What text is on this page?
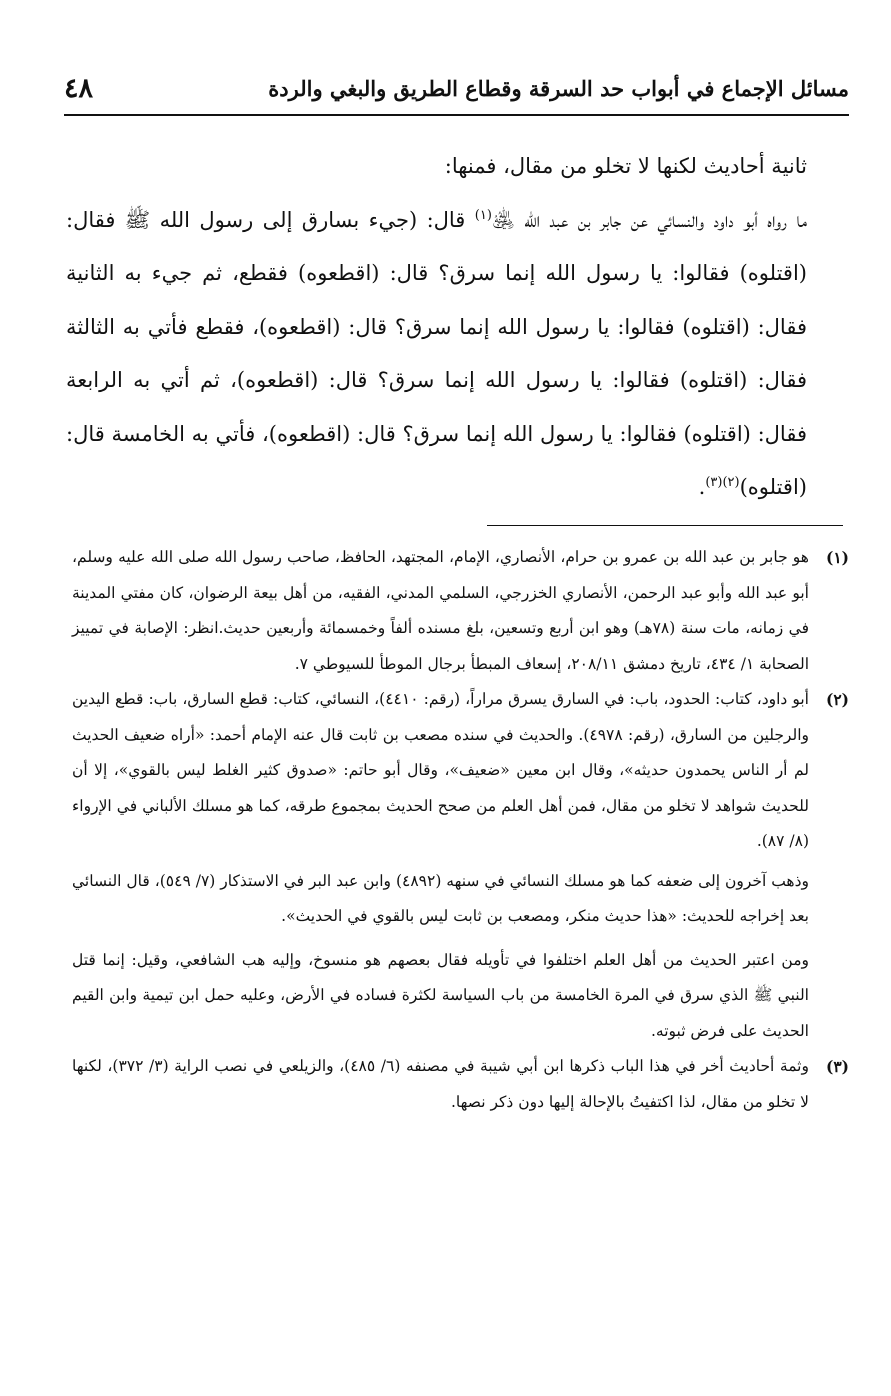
مسائل الإجماع في أبواب حد السرقة وقطاع الطريق والبغي والردة
٤٨

ثانية أحاديث لكنها لا تخلو من مقال، فمنها:

ما رواه أبو داود والنسائي عن جابر بن عبد الله ﵁$^{(١)}$ قال: (جيء بسارق إلى رسول الله ﷺ فقال: (اقتلوه) فقالوا: يا رسول الله إنما سرق؟ قال: (اقطعوه) فقطع، ثم جيء به الثانية فقال: (اقتلوه) فقالوا: يا رسول الله إنما سرق؟ قال: (اقطعوه)، فقطع فأتي به الثالثة فقال: (اقتلوه) فقالوا: يا رسول الله إنما سرق؟ قال: (اقطعوه)، ثم أتي به الرابعة فقال: (اقتلوه) فقالوا: يا رسول الله إنما سرق؟ قال: (اقطعوه)، فأتي به الخامسة قال: (اقتلوه)$^{(٢)(٣)}$.

(١)
هو جابر بن عبد الله بن عمرو بن حرام، الأنصاري، الإمام، المجتهد، الحافظ، صاحب رسول الله صلى الله عليه وسلم، أبو عبد الله وأبو عبد الرحمن، الأنصاري الخزرجي، السلمي المدني، الفقيه، من أهل بيعة الرضوان، كان مفتي المدينة في زمانه، مات سنة (٧٨هـ) وهو ابن أربع وتسعين، بلغ مسنده ألفاً وخمسمائة وأربعين حديث.انظر: الإصابة في تمييز الصحابة ١/ ٤٣٤، تاريخ دمشق ٢٠٨/١١، إسعاف المبطأ برجال الموطأ للسيوطي ٧.
(٢)
أبو داود، كتاب: الحدود، باب: في السارق يسرق مراراً، (رقم: ٤٤١٠)، النسائي، كتاب: قطع السارق، باب: قطع اليدين والرجلين من السارق، (رقم: ٤٩٧٨). والحديث في سنده مصعب بن ثابت قال عنه الإمام أحمد: «أراه ضعيف الحديث لم أر الناس يحمدون حديثه»، وقال ابن معين «ضعيف»، وقال أبو حاتم: «صدوق كثير الغلط ليس بالقوي»، إلا أن للحديث شواهد لا تخلو من مقال، فمن أهل العلم من صحح الحديث بمجموع طرقه، كما هو مسلك الألباني في الإرواء (٨/ ٨٧).

وذهب آخرون إلى ضعفه كما هو مسلك النسائي في سنهه (٤٨٩٢) وابن عبد البر في الاستذكار (٧/ ٥٤٩)، قال النسائي بعد إخراجه للحديث: «هذا حديث منكر، ومصعب بن ثابت ليس بالقوي في الحديث».

ومن اعتبر الحديث من أهل العلم اختلفوا في تأويله فقال بعصهم هو منسوخ، وإليه هب الشافعي، وقيل: إنما قتل النبي ﷺ الذي سرق في المرة الخامسة من باب السياسة لكثرة فساده في الأرض، وعليه حمل ابن تيمية وابن القيم الحديث على فرض ثبوته.

(٣)
وثمة أحاديث أخر في هذا الباب ذكرها ابن أبي شيبة في مصنفه (٦/ ٤٨٥)، والزيلعي في نصب الراية (٣/ ٣٧٢)، لكنها لا تخلو من مقال، لذا اكتفيتُ بالإحالة إليها دون ذكر نصها.
